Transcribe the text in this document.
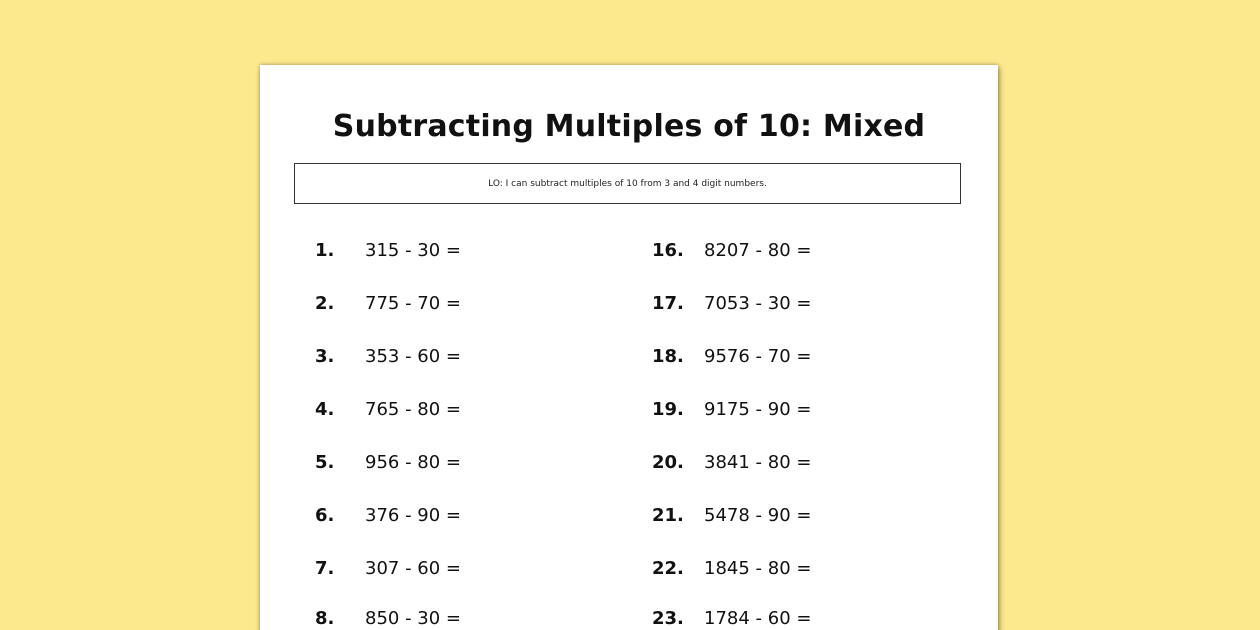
Subtracting Multiples of 10: Mixed
LO: I can subtract multiples of 10 from 3 and 4 digit numbers.
1.	315 - 30 =
2.	775 - 70 =
3.	353 - 60 =
4.	765 - 80 =
5.	956 - 80 =
6.	376 - 90 =
7.	307 - 60 =
8.	850 - 30 =
16.	8207 - 80 =
17.	7053 - 30 =
18.	9576 - 70 =
19.	9175 - 90 =
20.	3841 - 80 =
21.	5478 - 90 =
22.	1845 - 80 =
23.	1784 - 60 =
